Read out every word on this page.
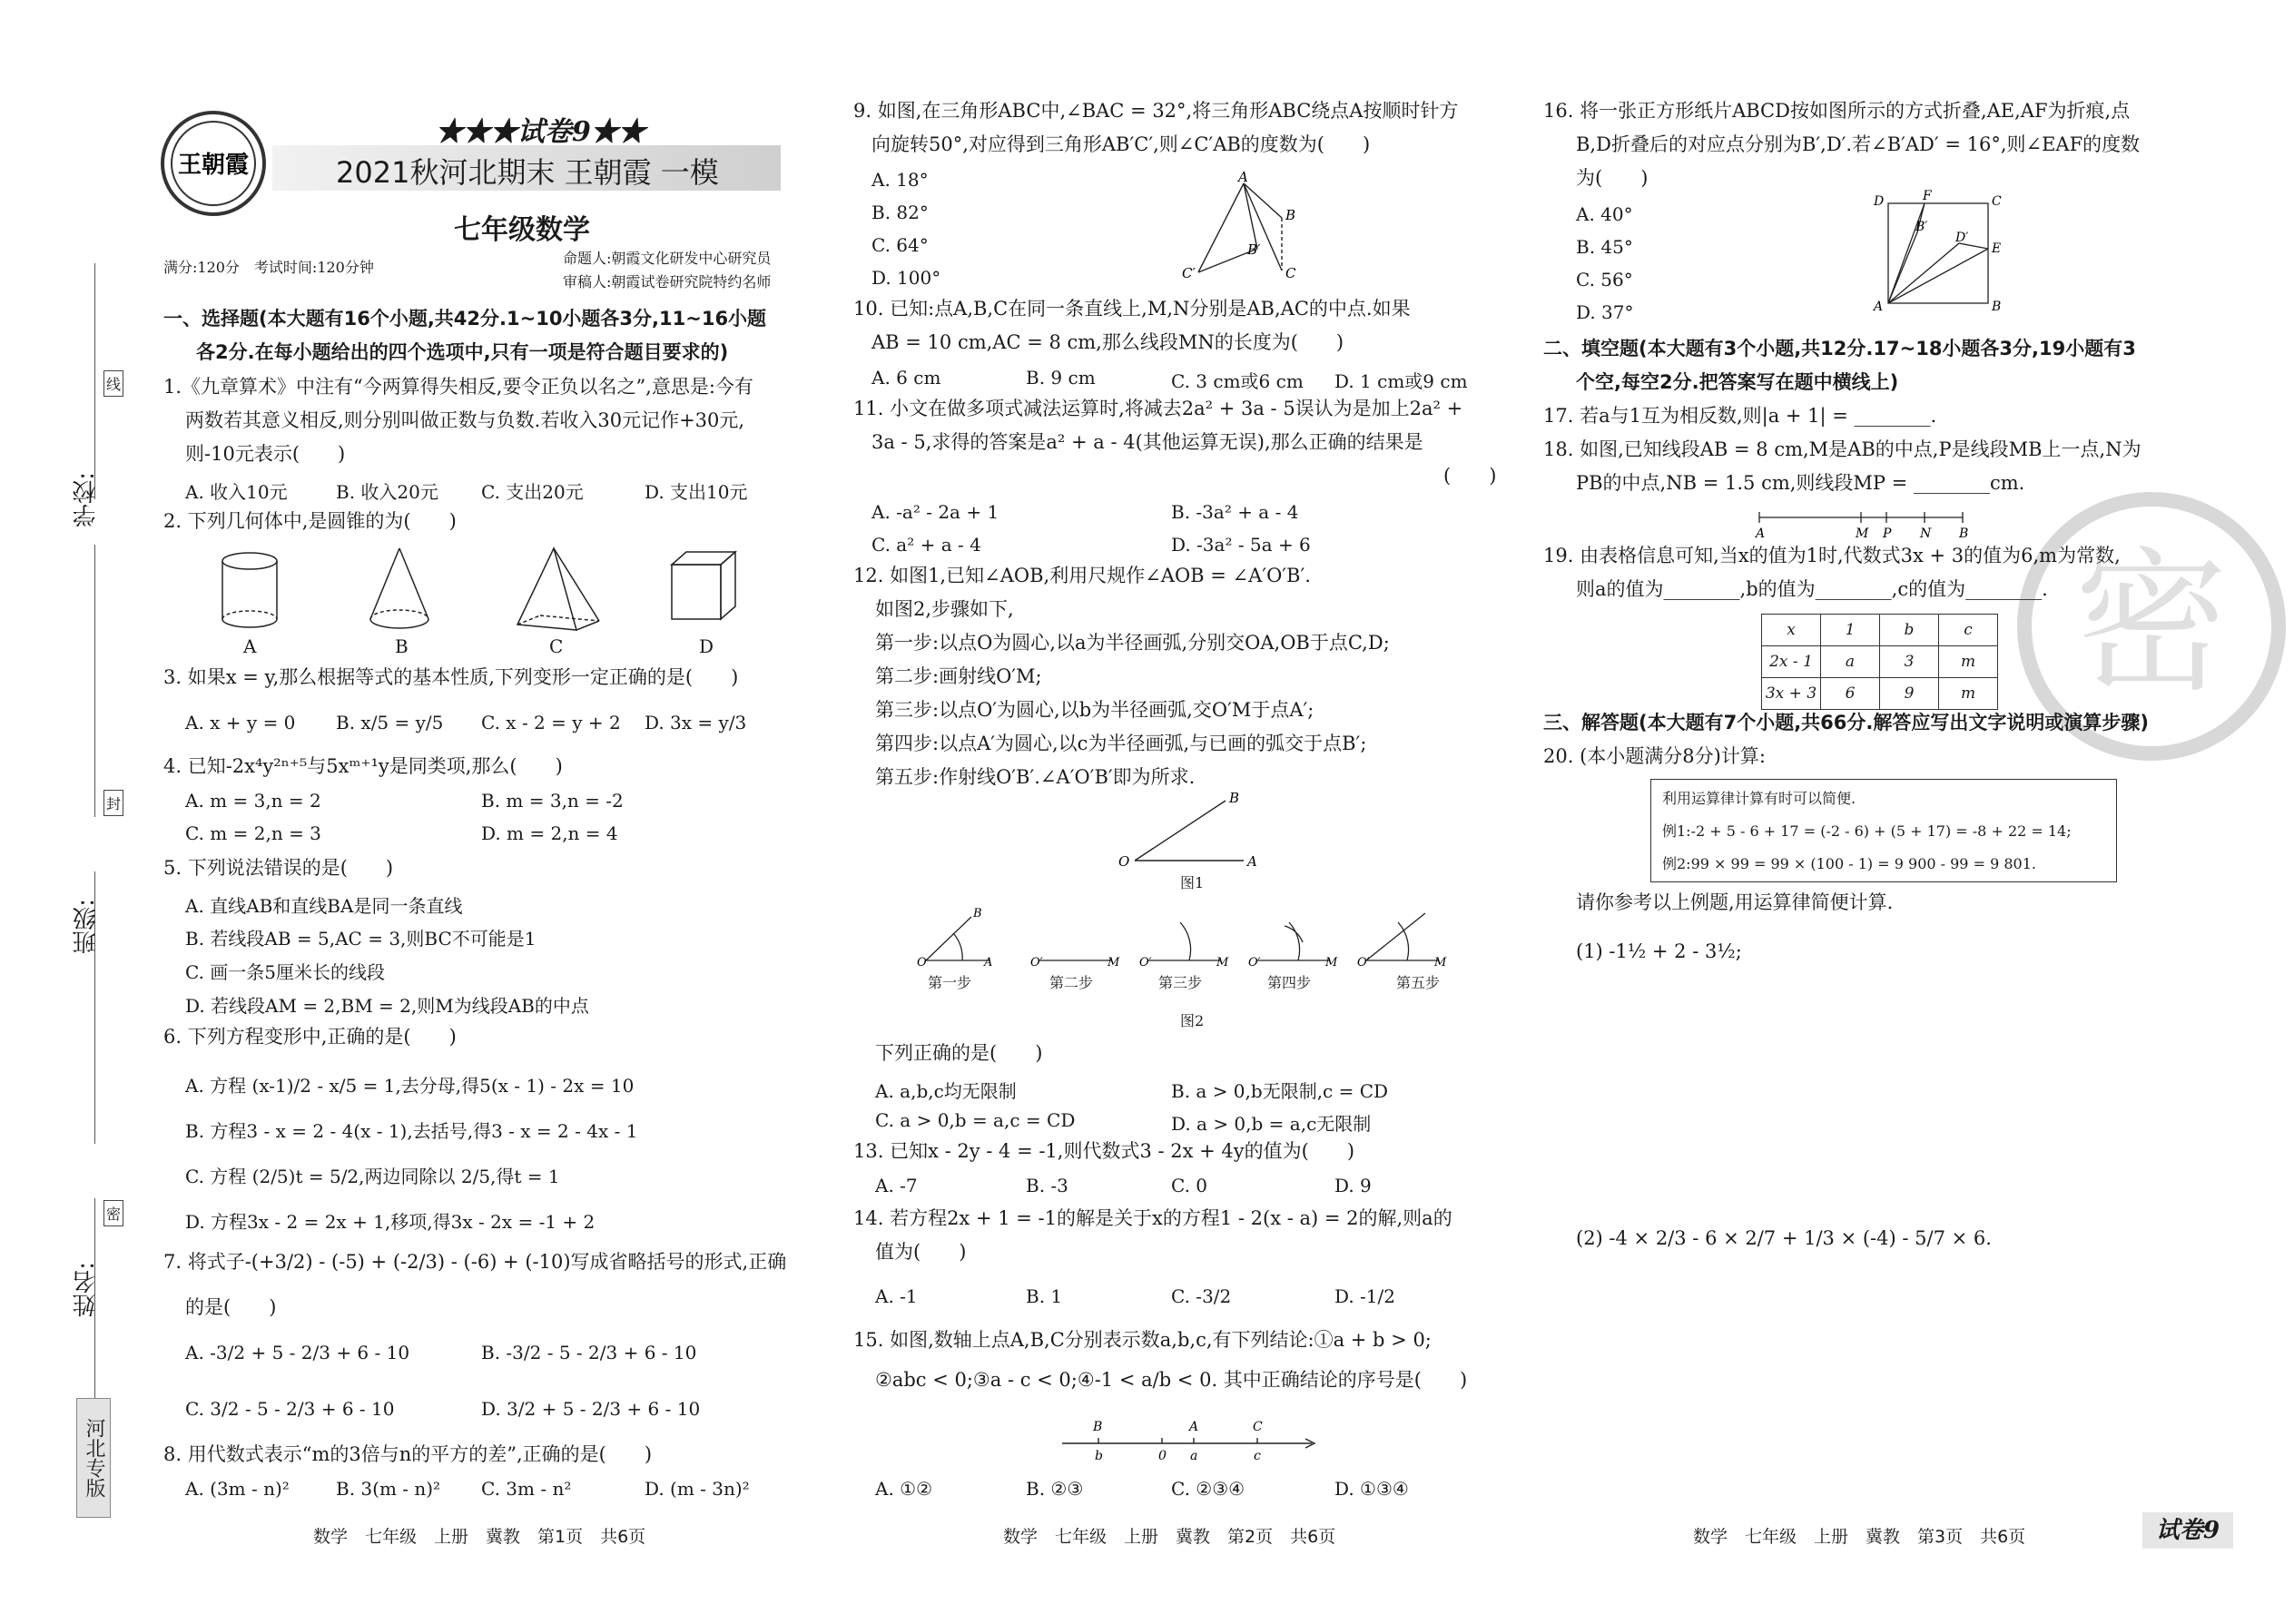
学校:
班级:
姓名:
线
封
密
河北专版
王朝霞
★★★试卷9★★
2021秋河北期末 王朝霞 一模
七年级数学
满分:120分　考试时间:120分钟
命题人:朝霞文化研发中心研究员
审稿人:朝霞试卷研究院特约名师
一、选择题(本大题有16个小题,共42分.1~10小题各3分,11~16小题
各2分.在每小题给出的四个选项中,只有一项是符合题目要求的)
1.《九章算术》中注有“今两算得失相反,要令正负以名之”,意思是:今有
两数若其意义相反,则分别叫做正数与负数.若收入30元记作+30元,
则-10元表示(　　)
A. 收入10元	B. 收入20元 C. 支出20元	D. 支出10元
2. 下列几何体中,是圆锥的为(　　)
A	B	C	D
3. 如果x = y,那么根据等式的基本性质,下列变形一定正确的是(　　)
A. x + y = 0 B. x/5 = y/5 C. x - 2 = y + 2 D. 3x = y/3
4. 已知-2x⁴y²ⁿ⁺⁵与5xᵐ⁺¹y是同类项,那么(　　)
A. m = 3,n = 2	B. m = 3,n = -2
C. m = 2,n = 3	D. m = 2,n = 4
5. 下列说法错误的是(　　)
A. 直线AB和直线BA是同一条直线
B. 若线段AB = 5,AC = 3,则BC不可能是1
C. 画一条5厘米长的线段
D. 若线段AM = 2,BM = 2,则M为线段AB的中点
6. 下列方程变形中,正确的是(　　)
A. 方程 (x-1)/2 - x/5 = 1,去分母,得5(x - 1) - 2x = 10
B. 方程3 - x = 2 - 4(x - 1),去括号,得3 - x = 2 - 4x - 1
C. 方程 (2/5)t = 5/2,两边同除以 2/5,得t = 1
D. 方程3x - 2 = 2x + 1,移项,得3x - 2x = -1 + 2
7. 将式子-(+3/2) - (-5) + (-2/3) - (-6) + (-10)写成省略括号的形式,正确
的是(　　)
A. -3/2 + 5 - 2/3 + 6 - 10	B. -3/2 - 5 - 2/3 + 6 - 10
C. 3/2 - 5 - 2/3 + 6 - 10	D. 3/2 + 5 - 2/3 + 6 - 10
8. 用代数式表示“m的3倍与n的平方的差”,正确的是(　　)
A. (3m - n)²	B. 3(m - n)² C. 3m - n²	D. (m - 3n)²
数学　七年级　上册　冀教　第1页　共6页
9. 如图,在三角形ABC中,∠BAC = 32°,将三角形ABC绕点A按顺时针方
向旋转50°,对应得到三角形AB′C′,则∠C′AB的度数为(　　)
A. 18°
B. 82°
C. 64°
D. 100°
A
B
C
C′
B′
10. 已知:点A,B,C在同一条直线上,M,N分别是AB,AC的中点.如果
AB = 10 cm,AC = 8 cm,那么线段MN的长度为(　　)
A. 6 cm	B. 9 cm	C. 3 cm或6 cm D. 1 cm或9 cm
11. 小文在做多项式减法运算时,将减去2a² + 3a - 5误认为是加上2a² +
3a - 5,求得的答案是a² + a - 4(其他运算无误),那么正确的结果是
(　　)
A. -a² - 2a + 1	B. -3a² + a - 4
C. a² + a - 4	D. -3a² - 5a + 6
12. 如图1,已知∠AOB,利用尺规作∠AOB = ∠A′O′B′.
如图2,步骤如下,
第一步:以点O为圆心,以a为半径画弧,分别交OA,OB于点C,D;
第二步:画射线O′M;
第三步:以点O′为圆心,以b为半径画弧,交O′M于点A′;
第四步:以点A′为圆心,以c为半径画弧,与已画的弧交于点B′;
第五步:作射线O′B′.∠A′O′B′即为所求.
O	A
B
图1
O	A
B
O′	M O′	M O′	M O′	M
第一步	第二步	第三步	第四步	第五步
图2
下列正确的是(　　)
A. a,b,c均无限制	B. a > 0,b无限制,c = CD
C. a > 0,b = a,c = CD	D. a > 0,b = a,c无限制
13. 已知x - 2y - 4 = -1,则代数式3 - 2x + 4y的值为(　　)
A. -7	B. -3	C. 0	D. 9
14. 若方程2x + 1 = -1的解是关于x的方程1 - 2(x - a) = 2的解,则a的
值为(　　)
A. -1	B. 1	C. -3/2	D. -1/2
15. 如图,数轴上点A,B,C分别表示数a,b,c,有下列结论:①a + b > 0;
②abc < 0;③a - c < 0;④-1 < a/b < 0. 其中正确结论的序号是(　　)
B	A	C
b	0 a	c
A. ①②	B. ②③	C. ②③④	D. ①③④
数学　七年级　上册　冀教　第2页　共6页
密
16. 将一张正方形纸片ABCD按如图所示的方式折叠,AE,AF为折痕,点
B,D折叠后的对应点分别为B′,D′.若∠B′AD′ = 16°,则∠EAF的度数
为(　　)
A. 40°
B. 45°
C. 56°
D. 37°
D	F	C
E
A	B
B′
D′
二、填空题(本大题有3个小题,共12分.17~18小题各3分,19小题有3
个空,每空2分.把答案写在题中横线上)
17. 若a与1互为相反数,则|a + 1| = ________.
18. 如图,已知线段AB = 8 cm,M是AB的中点,P是线段MB上一点,N为
PB的中点,NB = 1.5 cm,则线段MP = ________cm.
A	M P N B
19. 由表格信息可知,当x的值为1时,代数式3x + 3的值为6,m为常数,
则a的值为________,b的值为________,c的值为________.
x	1	b	c
2x - 1	a	3	m
3x + 3	6	9	m
三、解答题(本大题有7个小题,共66分.解答应写出文字说明或演算步骤)
20. (本小题满分8分)计算:
利用运算律计算有时可以简便.
例1:-2 + 5 - 6 + 17 = (-2 - 6) + (5 + 17) = -8 + 22 = 14;
例2:99 × 99 = 99 × (100 - 1) = 9 900 - 99 = 9 801.
请你参考以上例题,用运算律简便计算.
(1) -1½ + 2 - 3½;
(2) -4 × 2/3 - 6 × 2/7 + 1/3 × (-4) - 5/7 × 6.
数学　七年级　上册　冀教　第3页　共6页	试卷9
